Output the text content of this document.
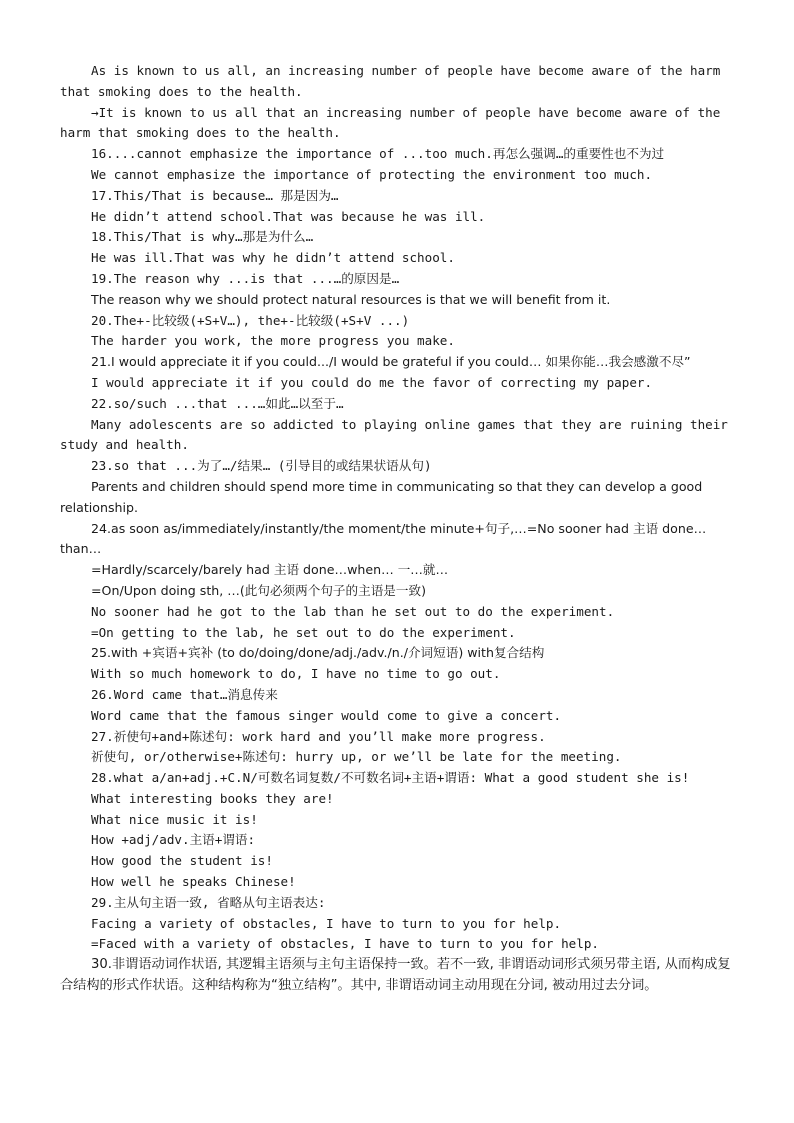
As is known to us all, an increasing number of people have become aware of the harm that smoking does to the health.

→It is known to us all that an increasing number of people have become aware of the harm that smoking does to the health.

16....cannot emphasize the importance of ...too much.再怎么强调…的重要性也不为过

We cannot emphasize the importance of protecting the environment too much.

17.This/That is because… 那是因为…

He didn’t attend school.That was because he was ill.

18.This/That is why…那是为什么…

He was ill.That was why he didn’t attend school.

19.The reason why ...is that ...…的原因是…

The reason why we should protect natural resources is that we will benefit from it.

20.The+-比较级(+S+V…), the+-比较级(+S+V ...)

The harder you work, the more progress you make.

21.I would appreciate it if you could.../I would be grateful if you could… 如果你能…我会感激不尽”

I would appreciate it if you could do me the favor of correcting my paper.

22.so/such ...that ...…如此…以至于…

Many adolescents are so addicted to playing online games that they are ruining their study and health.

23.so that ...为了…/结果… (引导目的或结果状语从句)

Parents and children should spend more time in communicating so that they can develop a good relationship.

24.as soon as/immediately/instantly/the moment/the minute+句子,…=No sooner had 主语 done… than…

=Hardly/scarcely/barely had 主语 done…when… 一…就…

=On/Upon doing sth, …(此句必须两个句子的主语是一致)

No sooner had he got to the lab than he set out to do the experiment.

=On getting to the lab, he set out to do the experiment.

25.with +宾语+宾补 (to do/doing/done/adj./adv./n./介词短语) with复合结构

With so much homework to do, I have no time to go out.

26.Word came that…消息传来

Word came that the famous singer would come to give a concert.

27.祈使句+and+陈述句: work hard and you’ll make more progress.

祈使句, or/otherwise+陈述句: hurry up, or we’ll be late for the meeting.

28.what a/an+adj.+C.N/可数名词复数/不可数名词+主语+谓语: What a good student she is!

What interesting books they are!

What nice music it is!

How +adj/adv.主语+谓语:

How good the student is!

How well he speaks Chinese!

29.主从句主语一致, 省略从句主语表达:

Facing a variety of obstacles, I have to turn to you for help.

=Faced with a variety of obstacles, I have to turn to you for help.

30.非谓语动词作状语, 其逻辑主语须与主句主语保持一致。若不一致, 非谓语动词形式须另带主语, 从而构成复合结构的形式作状语。这种结构称为“独立结构”。其中, 非谓语动词主动用现在分词, 被动用过去分词。
